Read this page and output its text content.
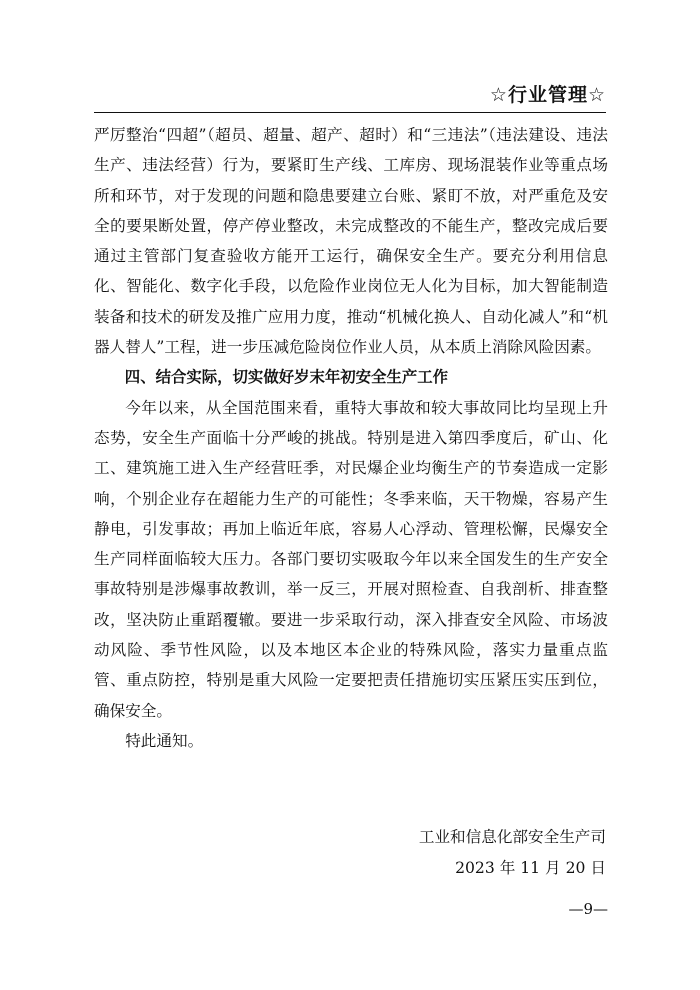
☆行业管理☆

严厉整治“四超”（超员、超量、超产、超时）和“三违法”（违法建设、违法生产、违法经营）行为，要紧盯生产线、工库房、现场混装作业等重点场所和环节，对于发现的问题和隐患要建立台账、紧盯不放，对严重危及安全的要果断处置，停产停业整改，未完成整改的不能生产，整改完成后要通过主管部门复查验收方能开工运行，确保安全生产。要充分利用信息化、智能化、数字化手段，以危险作业岗位无人化为目标，加大智能制造装备和技术的研发及推广应用力度，推动“机械化换人、自动化减人”和“机器人替人”工程，进一步压减危险岗位作业人员，从本质上消除风险因素。

四、结合实际，切实做好岁末年初安全生产工作

今年以来，从全国范围来看，重特大事故和较大事故同比均呈现上升态势，安全生产面临十分严峻的挑战。特别是进入第四季度后，矿山、化工、建筑施工进入生产经营旺季，对民爆企业均衡生产的节奏造成一定影响，个别企业存在超能力生产的可能性；冬季来临，天干物燥，容易产生静电，引发事故；再加上临近年底，容易人心浮动、管理松懈，民爆安全生产同样面临较大压力。各部门要切实吸取今年以来全国发生的生产安全事故特别是涉爆事故教训，举一反三，开展对照检查、自我剖析、排查整改，坚决防止重蹈覆辙。要进一步采取行动，深入排查安全风险、市场波动风险、季节性风险，以及本地区本企业的特殊风险，落实力量重点监管、重点防控，特别是重大风险一定要把责任措施切实压紧压实压到位，确保安全。

特此通知。

工业和信息化部安全生产司
2023 年 11 月 20 日
—9—
